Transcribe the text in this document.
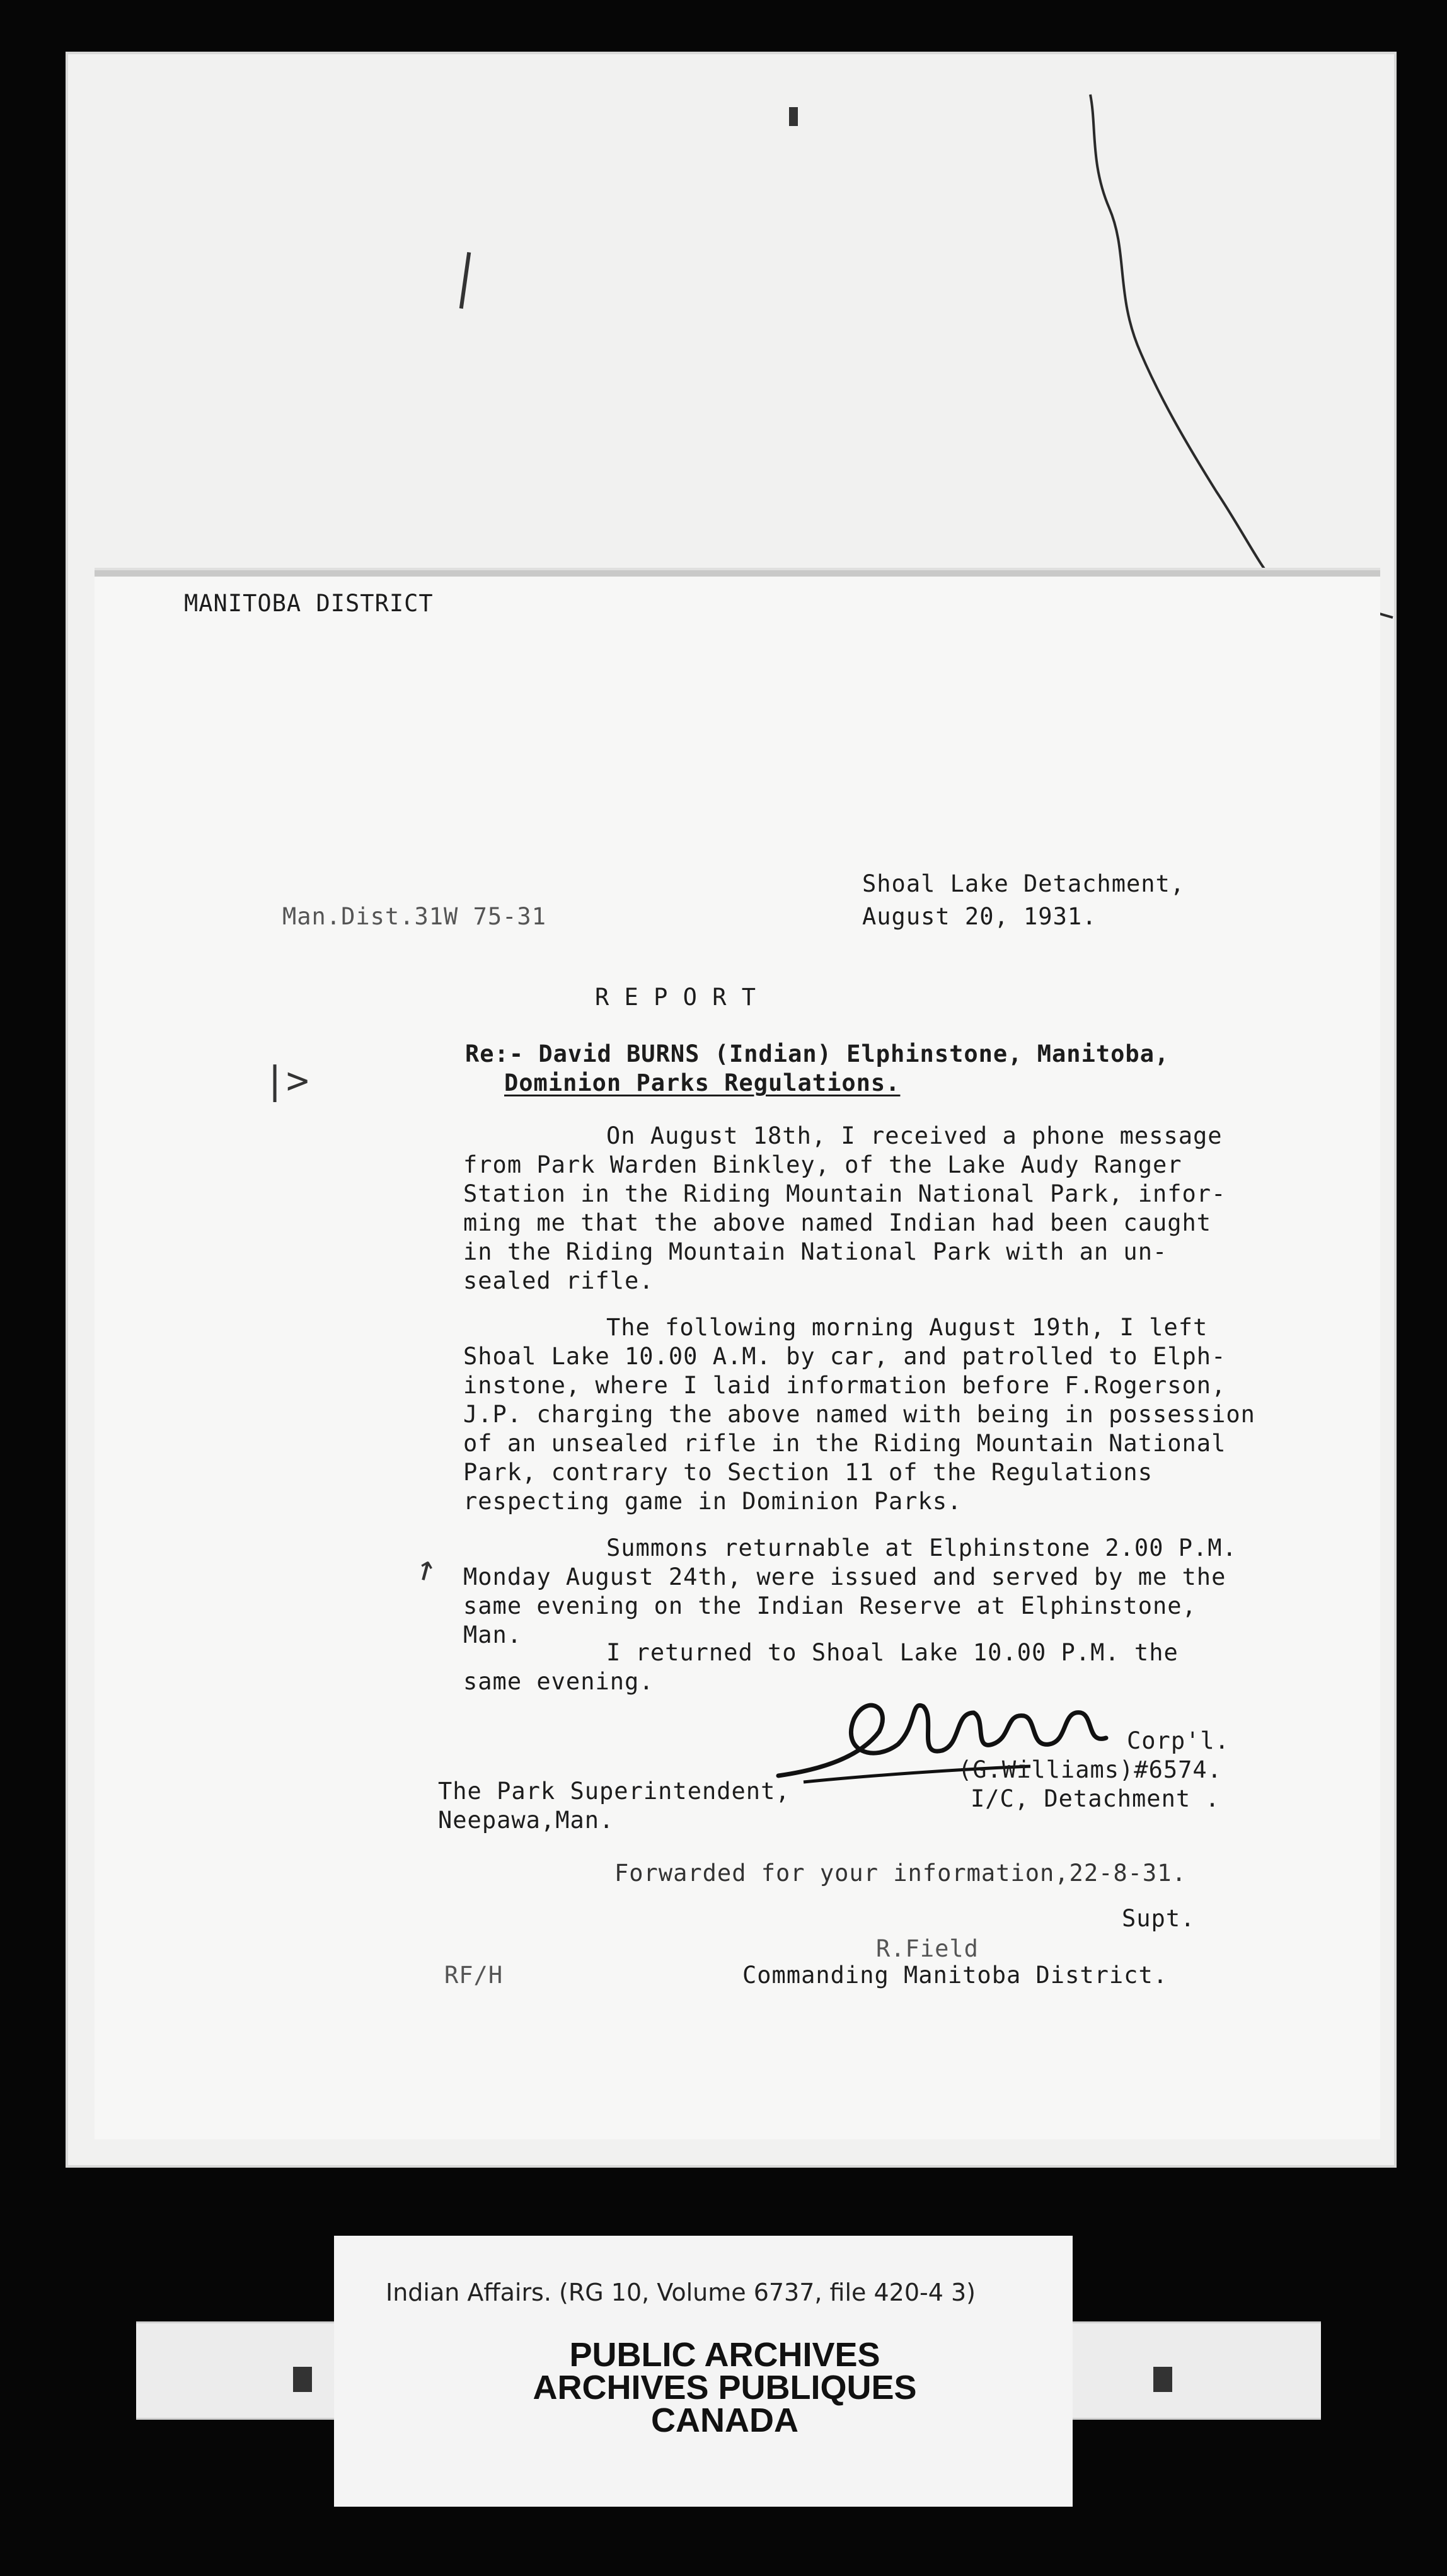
MANITOBA DISTRICT

Shoal Lake Detachment,

Man.Dist.31W 75-31	August 20, 1931.

R E P O R T

|>

Re:- David BURNS (Indian) Elphinstone, Manitoba,

Dominion Parks Regulations.

On August 18th, I received a phone message

from Park Warden Binkley, of the Lake Audy Ranger

Station in the Riding Mountain National Park, infor-

ming me that the above named Indian had been caught

in the Riding Mountain National Park with an un-

sealed rifle.

The following morning August 19th, I left

Shoal Lake 10.00 A.M. by car, and patrolled to Elph-

instone, where I laid information before F.Rogerson,

J.P. charging the above named with being in possession

of an unsealed rifle in the Riding Mountain National

Park, contrary to Section 11 of the Regulations

respecting game in Dominion Parks.

↗	Summons returnable at Elphinstone 2.00 P.M.

Monday August 24th, were issued and served by me the

same evening on the Indian Reserve at Elphinstone,

Man.

I returned to Shoal Lake 10.00 P.M. the

same evening.

Corp'l.

(G.Williams)#6574.

I/C, Detachment .

The Park Superintendent,

Neepawa,Man.

Forwarded for your information,22-8-31.

Supt.

R.Field

RF/H	Commanding Manitoba District.

Indian Affairs. (RG 10, Volume 6737, file 420-4 3)

PUBLIC ARCHIVES

ARCHIVES PUBLIQUES

CANADA
